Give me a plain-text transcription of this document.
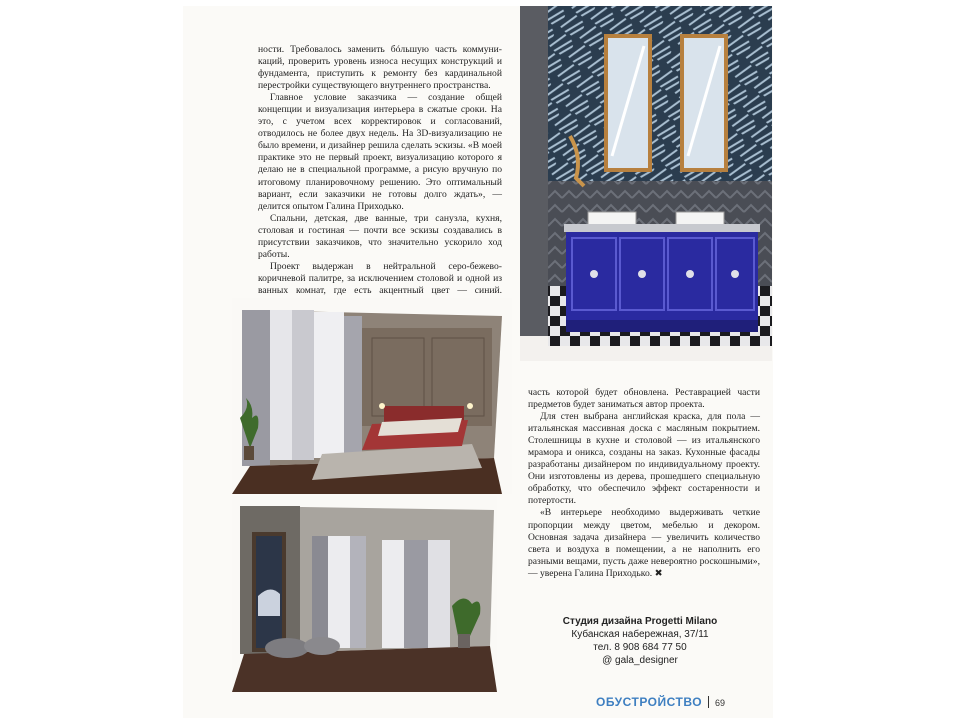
ности. Требовалось заменить бóльшую часть коммуни-каций, проверить уровень износа несущих конструкций и фундамента, приступить к ремонту без кардинальной перестройки существующего внутреннего пространства.

Главное условие заказчика — создание общей концепции и визуализация интерьера в сжатые сроки. На это, с учетом всех корректировок и согласований, отводилось не более двух недель. На 3D-визуализацию не было времени, и дизайнер решила сделать эскизы. «В моей практике это не первый проект, визуализацию которого я делаю не в специальной программе, а рисую вручную по итоговому планировочному решению. Это оптимальный вариант, если заказчики не готовы долго ждать», — делится опытом Галина Приходько.

Спальни, детская, две ванные, три санузла, кухня, столовая и гостиная — почти все эскизы создавались в присутствии заказчиков, что значительно ускорило ход работы.

Проект выдержан в нейтральной серо-бежево-коричневой палитре, за исключением столовой и одной из ванных комнат, где есть акцентный цвет — синий.

часть которой будет обновлена. Реставрацией части предметов будет заниматься автор проекта.

Для стен выбрана английская краска, для пола — итальянская массивная доска с масляным покрытием. Столешницы в кухне и столовой — из итальянского мрамора и оникса, созданы на заказ. Кухонные фасады разработаны дизайнером по индивидуальному проекту. Они изготовлены из дерева, прошедшего специальную обработку, что обеспечило эффект состаренности и потертости.

«В интерьере необходимо выдерживать четкие пропорции между цветом, мебелью и декором. Основная задача дизайнера — увеличить количество света и воздуха в помещении, а не наполнить его разными вещами, пусть даже невероятно роскошными», — уверена Галина Приходько. ✖

Студия дизайна Progetti Milano
Кубанская набережная, 37/11
тел. 8 908 684 77 50
@ gala_designer
ОБУСТРОЙСТВО 69
